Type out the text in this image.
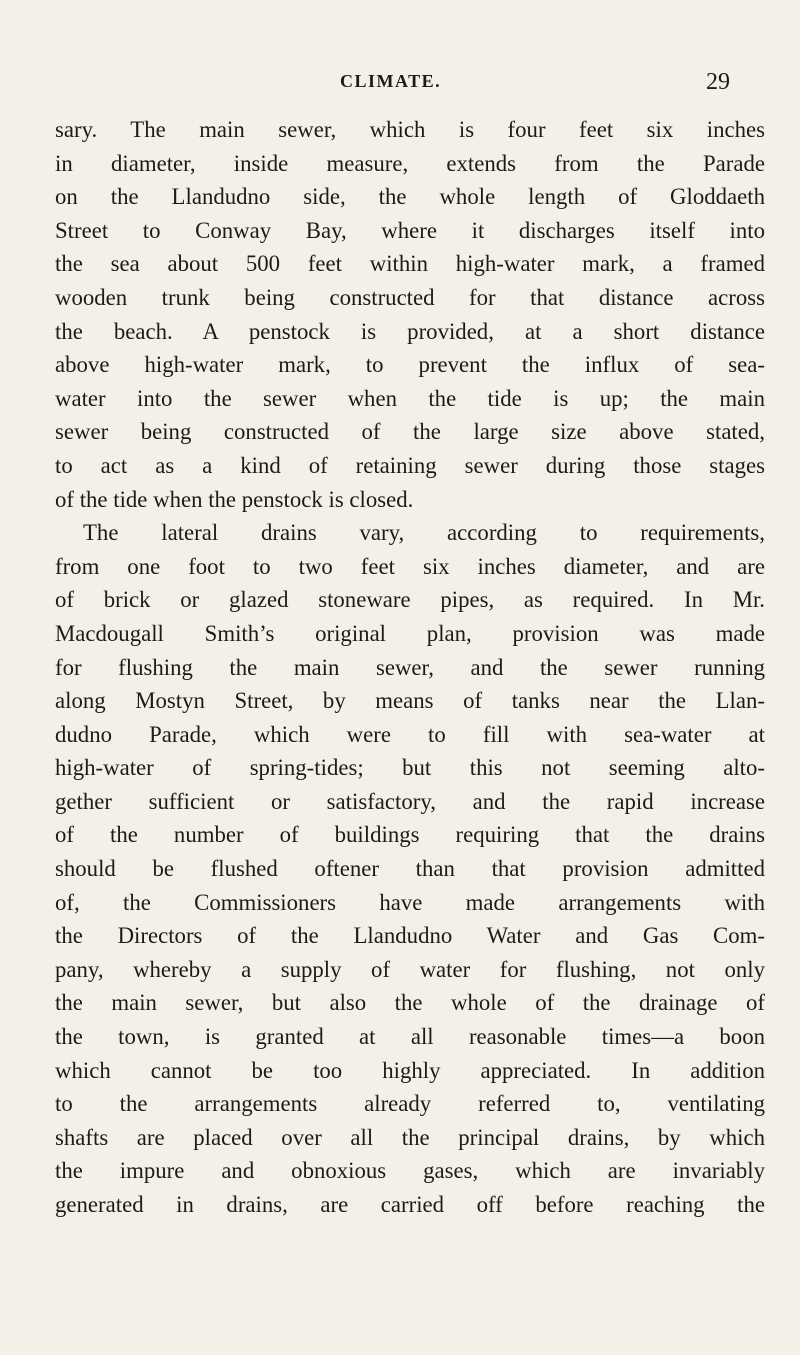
CLIMATE.	29
sary. The main sewer, which is four feet six inches
in diameter, inside measure, extends from the Parade
on the Llandudno side, the whole length of Gloddaeth
Street to Conway Bay, where it discharges itself into
the sea about 500 feet within high-water mark, a framed
wooden trunk being constructed for that distance across
the beach. A penstock is provided, at a short distance
above high-water mark, to prevent the influx of sea-
water into the sewer when the tide is up; the main
sewer being constructed of the large size above stated,
to act as a kind of retaining sewer during those stages
of the tide when the penstock is closed.
The lateral drains vary, according to requirements,
from one foot to two feet six inches diameter, and are
of brick or glazed stoneware pipes, as required. In Mr.
Macdougall Smith’s original plan, provision was made
for flushing the main sewer, and the sewer running
along Mostyn Street, by means of tanks near the Llan-
dudno Parade, which were to fill with sea-water at
high-water of spring-tides; but this not seeming alto-
gether sufficient or satisfactory, and the rapid increase
of the number of buildings requiring that the drains
should be flushed oftener than that provision admitted
of, the Commissioners have made arrangements with
the Directors of the Llandudno Water and Gas Com-
pany, whereby a supply of water for flushing, not only
the main sewer, but also the whole of the drainage of
the town, is granted at all reasonable times—a boon
which cannot be too highly appreciated. In addition
to the arrangements already referred to, ventilating
shafts are placed over all the principal drains, by which
the impure and obnoxious gases, which are invariably
generated in drains, are carried off before reaching the
